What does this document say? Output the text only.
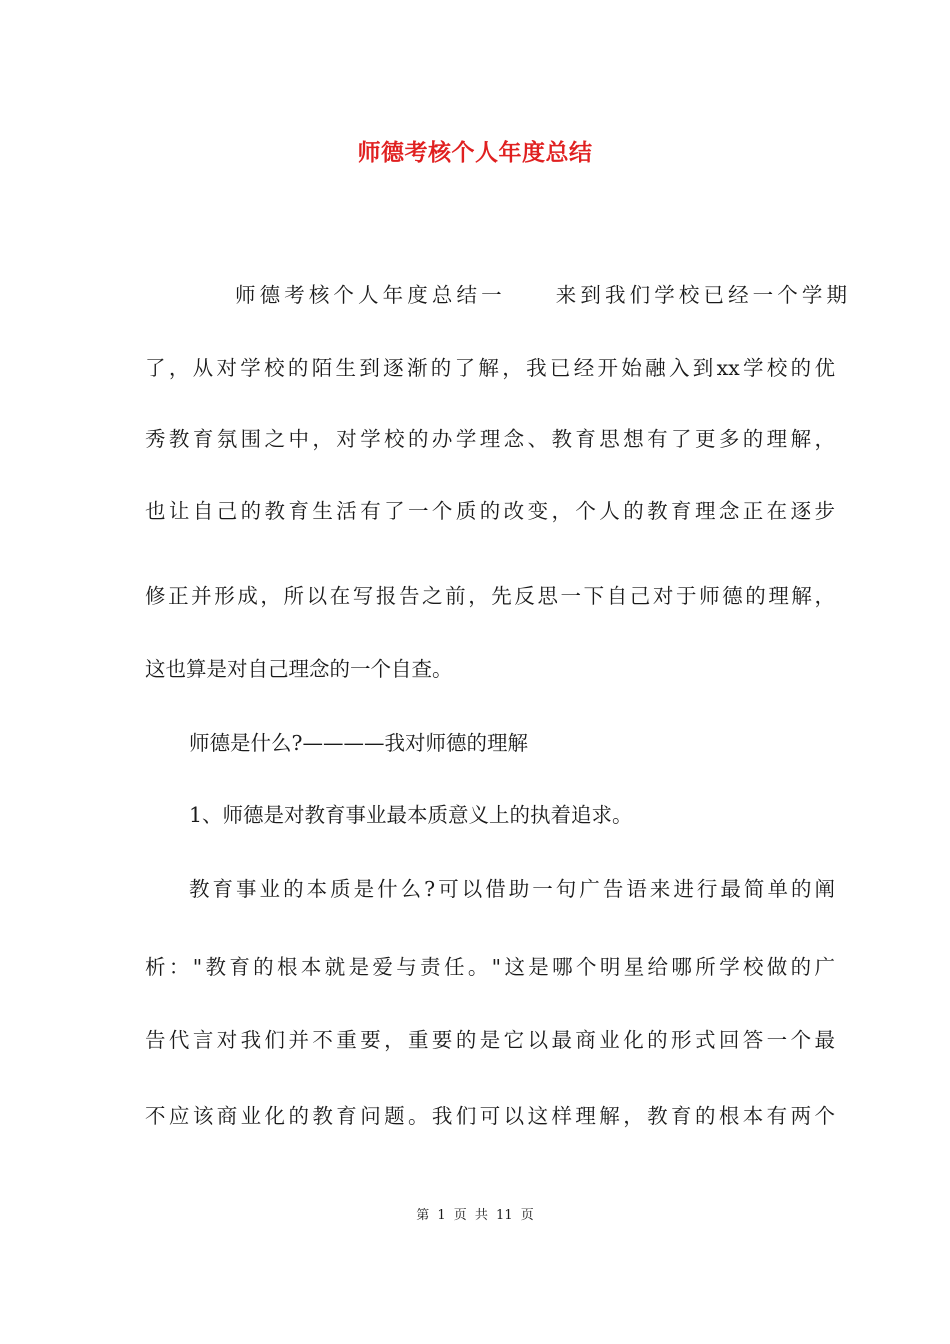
师德考核个人年度总结
师德考核个人年度总结一 来到我们学校已经一个学期
了，从对学校的陌生到逐渐的了解，我已经开始融入到xx学校的优
秀教育氛围之中，对学校的办学理念、教育思想有了更多的理解，
也让自己的教育生活有了一个质的改变，个人的教育理念正在逐步
修正并形成，所以在写报告之前，先反思一下自己对于师德的理解，
这也算是对自己理念的一个自查。
师德是什么?————我对师德的理解
1、师德是对教育事业最本质意义上的执着追求。
教育事业的本质是什么?可以借助一句广告语来进行最简单的阐
析："教育的根本就是爱与责任。"这是哪个明星给哪所学校做的广
告代言对我们并不重要，重要的是它以最商业化的形式回答一个最
不应该商业化的教育问题。我们可以这样理解，教育的根本有两个
第 1 页 共 11 页
